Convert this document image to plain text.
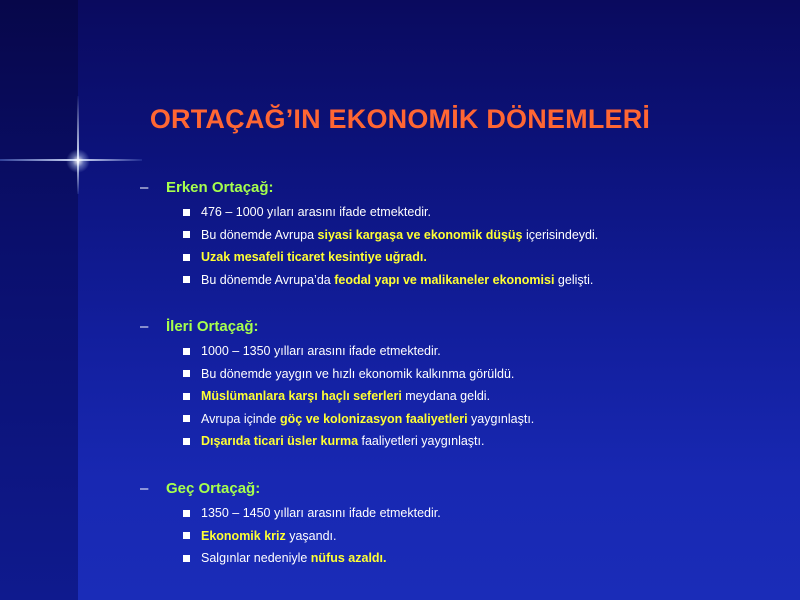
ORTAÇAĞ’IN EKONOMİK DÖNEMLERİ
–	Erken Ortaçağ:
476 – 1000 yıları arasını ifade etmektedir.
Bu dönemde Avrupa siyasi kargaşa ve ekonomik düşüş içerisindeydi.
Uzak mesafeli ticaret kesintiye uğradı.
Bu dönemde Avrupa’da feodal yapı ve malikaneler ekonomisi gelişti.
–	İleri Ortaçağ:
1000 – 1350 yılları arasını ifade etmektedir.
Bu dönemde yaygın ve hızlı ekonomik kalkınma görüldü.
Müslümanlara karşı haçlı seferleri meydana geldi.
Avrupa içinde göç ve kolonizasyon faaliyetleri yaygınlaştı.
Dışarıda ticari üsler kurma faaliyetleri yaygınlaştı.
–	Geç Ortaçağ:
1350 – 1450 yılları arasını ifade etmektedir.
Ekonomik kriz yaşandı.
Salgınlar nedeniyle nüfus azaldı.
